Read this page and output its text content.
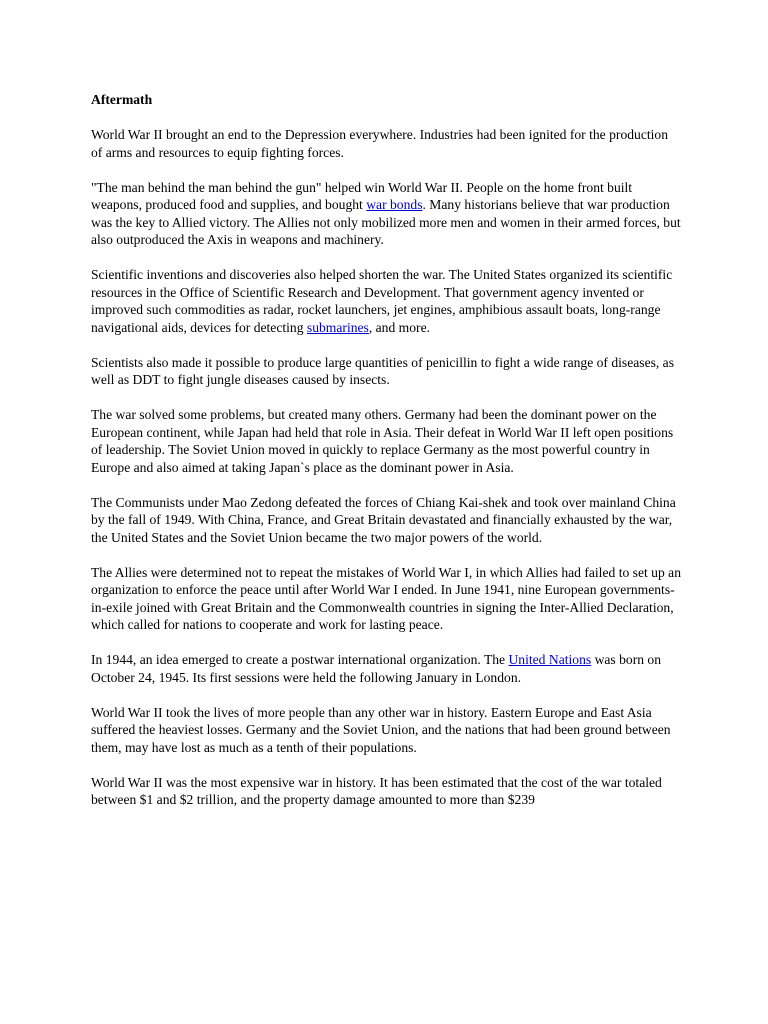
Aftermath

World War II brought an end to the Depression everywhere. Industries had been ignited for the production of arms and resources to equip fighting forces.

"The man behind the man behind the gun" helped win World War II. People on the home front built weapons, produced food and supplies, and bought war bonds. Many historians believe that war production was the key to Allied victory. The Allies not only mobilized more men and women in their armed forces, but also outproduced the Axis in weapons and machinery.

Scientific inventions and discoveries also helped shorten the war. The United States organized its scientific resources in the Office of Scientific Research and Development. That government agency invented or improved such commodities as radar, rocket launchers, jet engines, amphibious assault boats, long-range navigational aids, devices for detecting submarines, and more.

Scientists also made it possible to produce large quantities of penicillin to fight a wide range of diseases, as well as DDT to fight jungle diseases caused by insects.

The war solved some problems, but created many others. Germany had been the dominant power on the European continent, while Japan had held that role in Asia. Their defeat in World War II left open positions of leadership. The Soviet Union moved in quickly to replace Germany as the most powerful country in Europe and also aimed at taking Japan`s place as the dominant power in Asia.

The Communists under Mao Zedong defeated the forces of Chiang Kai-shek and took over mainland China by the fall of 1949. With China, France, and Great Britain devastated and financially exhausted by the war, the United States and the Soviet Union became the two major powers of the world.

The Allies were determined not to repeat the mistakes of World War I, in which Allies had failed to set up an organization to enforce the peace until after World War I ended. In June 1941, nine European governments-in-exile joined with Great Britain and the Commonwealth countries in signing the Inter-Allied Declaration, which called for nations to cooperate and work for lasting peace.

In 1944, an idea emerged to create a postwar international organization. The United Nations was born on October 24, 1945. Its first sessions were held the following January in London.

World War II took the lives of more people than any other war in history. Eastern Europe and East Asia suffered the heaviest losses. Germany and the Soviet Union, and the nations that had been ground between them, may have lost as much as a tenth of their populations.

World War II was the most expensive war in history. It has been estimated that the cost of the war totaled between $1 and $2 trillion, and the property damage amounted to more than $239
